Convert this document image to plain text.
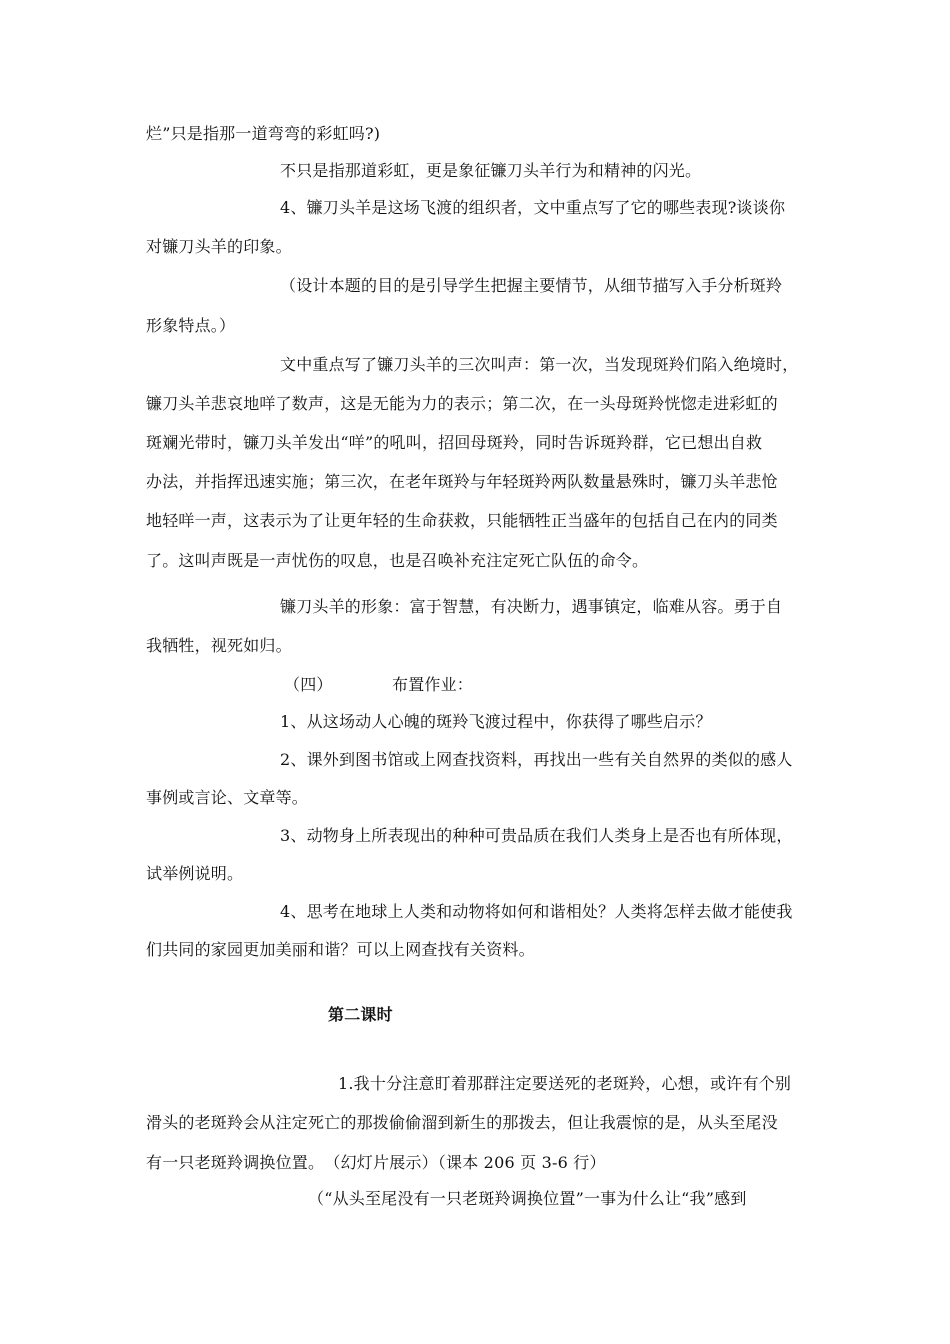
烂”只是指那一道弯弯的彩虹吗?)
不只是指那道彩虹，更是象征镰刀头羊行为和精神的闪光。
4、镰刀头羊是这场飞渡的组织者，文中重点写了它的哪些表现?谈谈你
对镰刀头羊的印象。
（设计本题的目的是引导学生把握主要情节，从细节描写入手分析斑羚
形象特点。）
文中重点写了镰刀头羊的三次叫声：第一次，当发现斑羚们陷入绝境时，
镰刀头羊悲哀地咩了数声，这是无能为力的表示；第二次，在一头母斑羚恍惚走进彩虹的
斑斓光带时，镰刀头羊发出“咩”的吼叫，招回母斑羚，同时告诉斑羚群，它已想出自救
办法，并指挥迅速实施；第三次，在老年斑羚与年轻斑羚两队数量悬殊时，镰刀头羊悲怆
地轻咩一声，这表示为了让更年轻的生命获救，只能牺牲正当盛年的包括自己在内的同类
了。这叫声既是一声忧伤的叹息，也是召唤补充注定死亡队伍的命令。
镰刀头羊的形象：富于智慧，有决断力，遇事镇定，临难从容。勇于自
我牺牲，视死如归。
（四）	布置作业：
1、从这场动人心魄的斑羚飞渡过程中，你获得了哪些启示？
2、课外到图书馆或上网查找资料，再找出一些有关自然界的类似的感人
事例或言论、文章等。
3、动物身上所表现出的种种可贵品质在我们人类身上是否也有所体现，
试举例说明。
4、思考在地球上人类和动物将如何和谐相处？人类将怎样去做才能使我
们共同的家园更加美丽和谐？可以上网查找有关资料。
第二课时
1.我十分注意盯着那群注定要送死的老斑羚，心想，或许有个别
滑头的老斑羚会从注定死亡的那拨偷偷溜到新生的那拨去，但让我震惊的是，从头至尾没
有一只老斑羚调换位置。　（幻灯片展示）（课本 206 页 3-6 行）
（“从头至尾没有一只老斑羚调换位置”一事为什么让“我”感到
